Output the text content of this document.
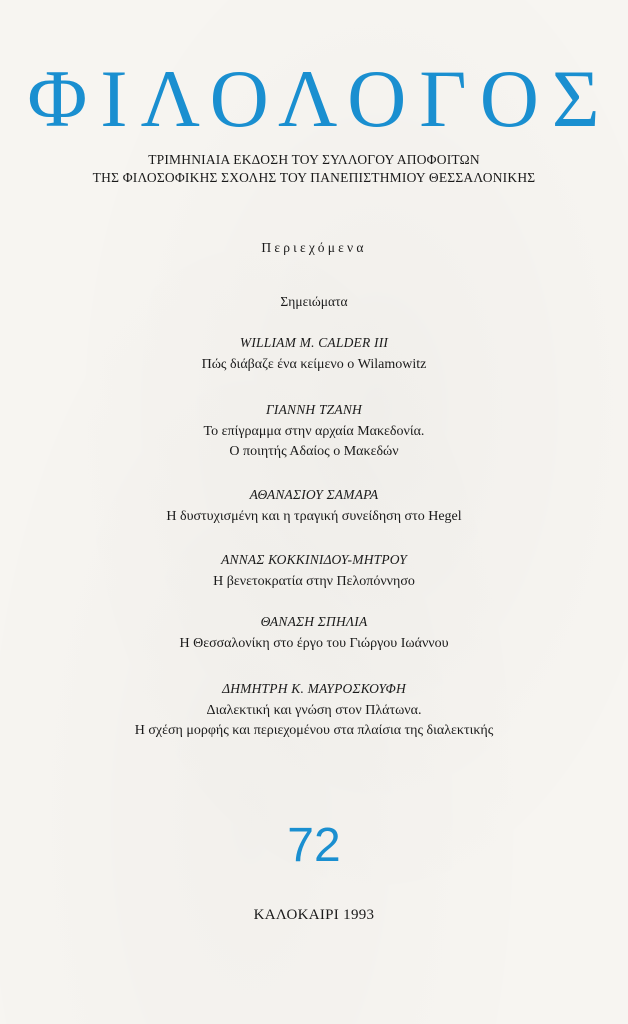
ΦΙΛΟΛΟΓΟΣ
ΤΡΙΜΗΝΙΑΙΑ ΕΚΔΟΣΗ ΤΟΥ ΣΥΛΛΟΓΟΥ ΑΠΟΦΟΙΤΩΝ
ΤΗΣ ΦΙΛΟΣΟΦΙΚΗΣ ΣΧΟΛΗΣ ΤΟΥ ΠΑΝΕΠΙΣΤΗΜΙΟΥ ΘΕΣΣΑΛΟΝΙΚΗΣ
Περιεχόμενα
Σημειώματα
WILLIAM M. CALDER III
Πώς διάβαζε ένα κείμενο ο Wilamowitz
ΓΙΑΝΝΗ ΤΖΑΝΗ
Το επίγραμμα στην αρχαία Μακεδονία.
Ο ποιητής Αδαίος ο Μακεδών
ΑΘΑΝΑΣΙΟΥ ΣΑΜΑΡΑ
Η δυστυχισμένη και η τραγική συνείδηση στο Hegel
ΑΝΝΑΣ ΚΟΚΚΙΝΙΔΟΥ-ΜΗΤΡΟΥ
Η βενετοκρατία στην Πελοπόννησο
ΘΑΝΑΣΗ ΣΠΗΛΙΑ
Η Θεσσαλονίκη στο έργο του Γιώργου Ιωάννου
ΔΗΜΗΤΡΗ Κ. ΜΑΥΡΟΣΚΟΥΦΗ
Διαλεκτική και γνώση στον Πλάτωνα.
Η σχέση μορφής και περιεχομένου στα πλαίσια της διαλεκτικής
72
ΚΑΛΟΚΑΙΡΙ 1993
